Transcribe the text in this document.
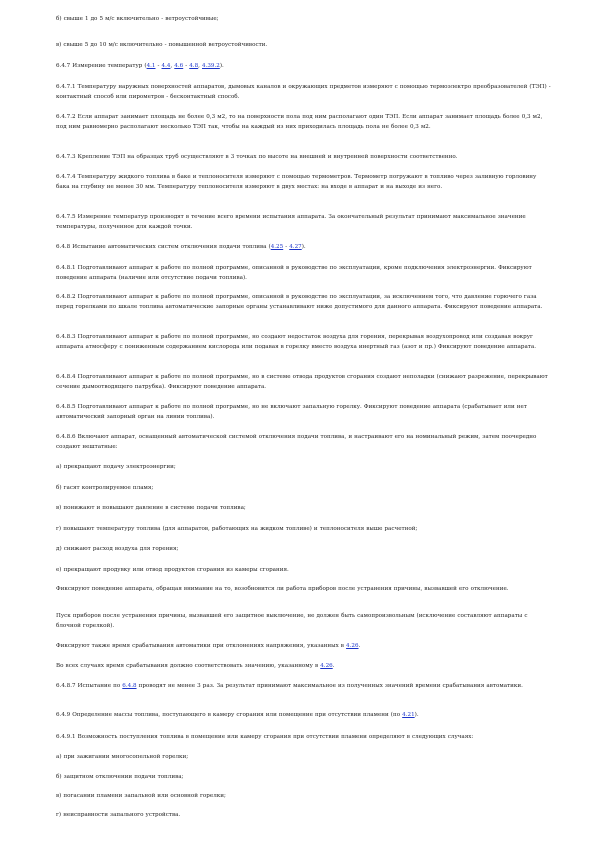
б) свыше 1 до 5 м/с включительно - ветроустойчивые;

в) свыше 5 до 10 м/с включительно - повышенной ветроустойчивости.

6.4.7 Измерение температур (4.1 - 4.4, 4.6 - 4.8, 4.39.2).

6.4.7.1 Температуру наружных поверхностей аппаратов, дымовых каналов и окружающих предметов измеряют с помощью термоэлектро преобразователей (ТЭП) - контактный способ или пирометров - бесконтактный способ.

6.4.7.2 Если аппарат занимает площадь не более 0,3 м2, то на поверхности пола под ним располагают один ТЭП. Если аппарат занимает площадь более 0,3 м2, под ним равномерно располагают несколько ТЭП так, чтобы на каждый из них приходилась площадь пола не более 0,3 м2.

6.4.7.3 Крепление ТЭП на образцах труб осуществляют в 3 точках по высоте на внешней и внутренней поверхности соответственно.

6.4.7.4 Температуру жидкого топлива в баке и теплоносителя измеряют с помощью термометров. Термометр погружают в топливо через заливную горловину бака на глубину не менее 30 мм. Температуру теплоносителя измеряют в двух местах: на входе в аппарат и на выходе из него.

6.4.7.5 Измерение температур производят в течение всего времени испытания аппарата. За окончательный результат принимают максимальное значение температуры, полученное для каждой точки.

6.4.8 Испытание автоматических систем отключения подачи топлива (4.25 - 4.27).

6.4.8.1 Подготавливают аппарат к работе по полной программе, описанной в руководстве по эксплуатации, кроме подключения электроэнергии. Фиксируют поведение аппарата (наличие или отсутствие подачи топлива).

6.4.8.2 Подготавливают аппарат к работе по полной программе, описанной в руководстве по эксплуатации, за исключением того, что давление горючего газа перед горелками по шкале топлива автоматические запорные органы устанавливают ниже допустимого для данного аппарата. Фиксируют поведение аппарата.

6.4.8.3 Подготавливают аппарат к работе по полной программе, но создают недостаток воздуха для горения, перекрывая воздухопровод или создавая вокруг аппарата атмосферу с пониженным содержанием кислорода или подавая в горелку вместо воздуха инертный газ (азот и пр.) Фиксируют поведение аппарата.

6.4.8.4 Подготавливают аппарат к работе по полной программе, но в системе отвода продуктов сгорания создают неполадки (снижают разрежение, перекрывают сечение дымоотводящего патрубка). Фиксируют поведение аппарата.

6.4.8.5 Подготавливают аппарат к работе по полной программе, но не включают запальную горелку. Фиксируют поведение аппарата (срабатывает или нет автоматический запорный орган на линии топлива).

6.4.8.6 Включают аппарат, оснащенный автоматической системой отключения подачи топлива, и настраивают его на номинальный режим, затем поочередно создают нештатные:

а) прекращают подачу электроэнергии;

б) гасят контролируемое пламя;

в) понижают и повышают давление в системе подачи топлива;

г) повышают температуру топлива (для аппаратов, работающих на жидком топливе) и теплоносителя выше расчетной;

д) снижают расход воздуха для горения;

е) прекращают продувку или отвод продуктов сгорания из камеры сгорания.

Фиксируют поведение аппарата, обращая внимание на то, возобновится ли работа приборов после устранения причины, вызвавшей его отключение.

Пуск приборов после устранения причины, вызвавшей его защитное выключение, не должен быть самопроизвольным (исключение составляют аппараты с блочной горелкой).

Фиксируют также время срабатывания автоматики при отклонениях напряжения, указанных в 4.26.

Во всех случаях время срабатывания должно соответствовать значению, указанному в 4.26.

6.4.8.7 Испытание по 6.4.8 проводят не менее 3 раз. За результат принимают максимальное из полученных значений времени срабатывания автоматики.

6.4.9 Определение массы топлива, поступающего в камеру сгорания или помещение при отсутствии пламени (по 4.21).

6.4.9.1 Возможность поступления топлива в помещение или камеру сгорания при отсутствии пламени определяют в следующих случаях:

а) при зажигании многосопельной горелки;

б) защитном отключении подачи топлива;

в) погасании пламени запальной или основной горелки;

г) неисправности запального устройства.
